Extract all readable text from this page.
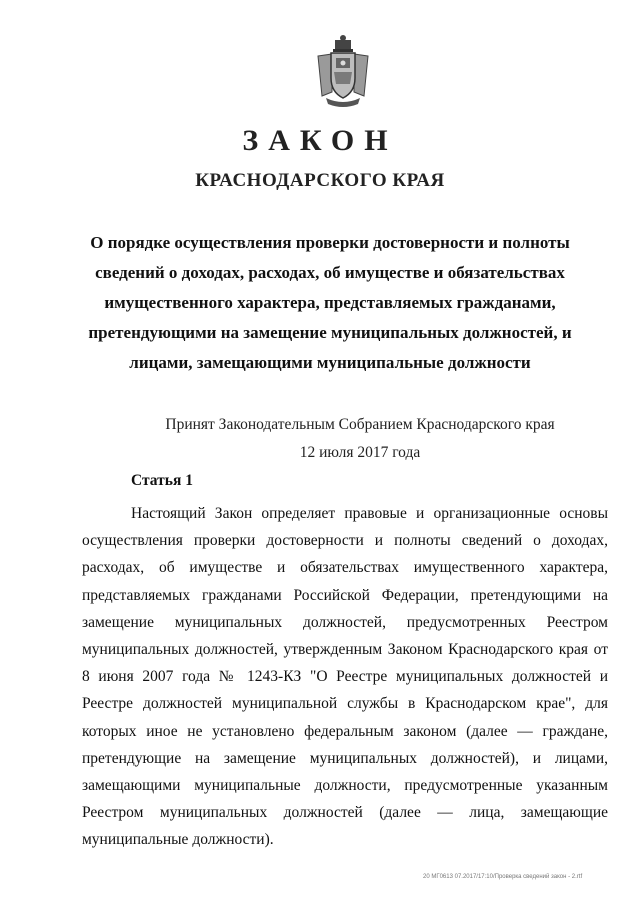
ЗАКОН
КРАСНОДАРСКОГО КРАЯ
О порядке осуществления проверки достоверности и полноты сведений о доходах, расходах, об имуществе и обязательствах имущественного характера, представляемых гражданами, претендующими на замещение муниципальных должностей, и лицами, замещающими муниципальные должности
Принят Законодательным Собранием Краснодарского края
12 июля 2017 года
Статья 1

Настоящий Закон определяет правовые и организационные основы осуществления проверки достоверности и полноты сведений о доходах, расходах, об имуществе и обязательствах имущественного характера, представляемых гражданами Российской Федерации, претендующими на замещение муниципальных должностей, предусмотренных Реестром муниципальных должностей, утвержденным Законом Краснодарского края от 8 июня 2007 года № 1243-КЗ "О Реестре муниципальных должностей и Реестре должностей муниципальной службы в Краснодарском крае", для которых иное не установлено федеральным законом (далее — граждане, претендующие на замещение муниципальных должностей), и лицами, замещающими муниципальные должности, предусмотренные указанным Реестром муниципальных должностей (далее — лица, замещающие муниципальные должности).

20 МГ0613 07.2017/17:10/Проверка сведений закон - 2.rtf
